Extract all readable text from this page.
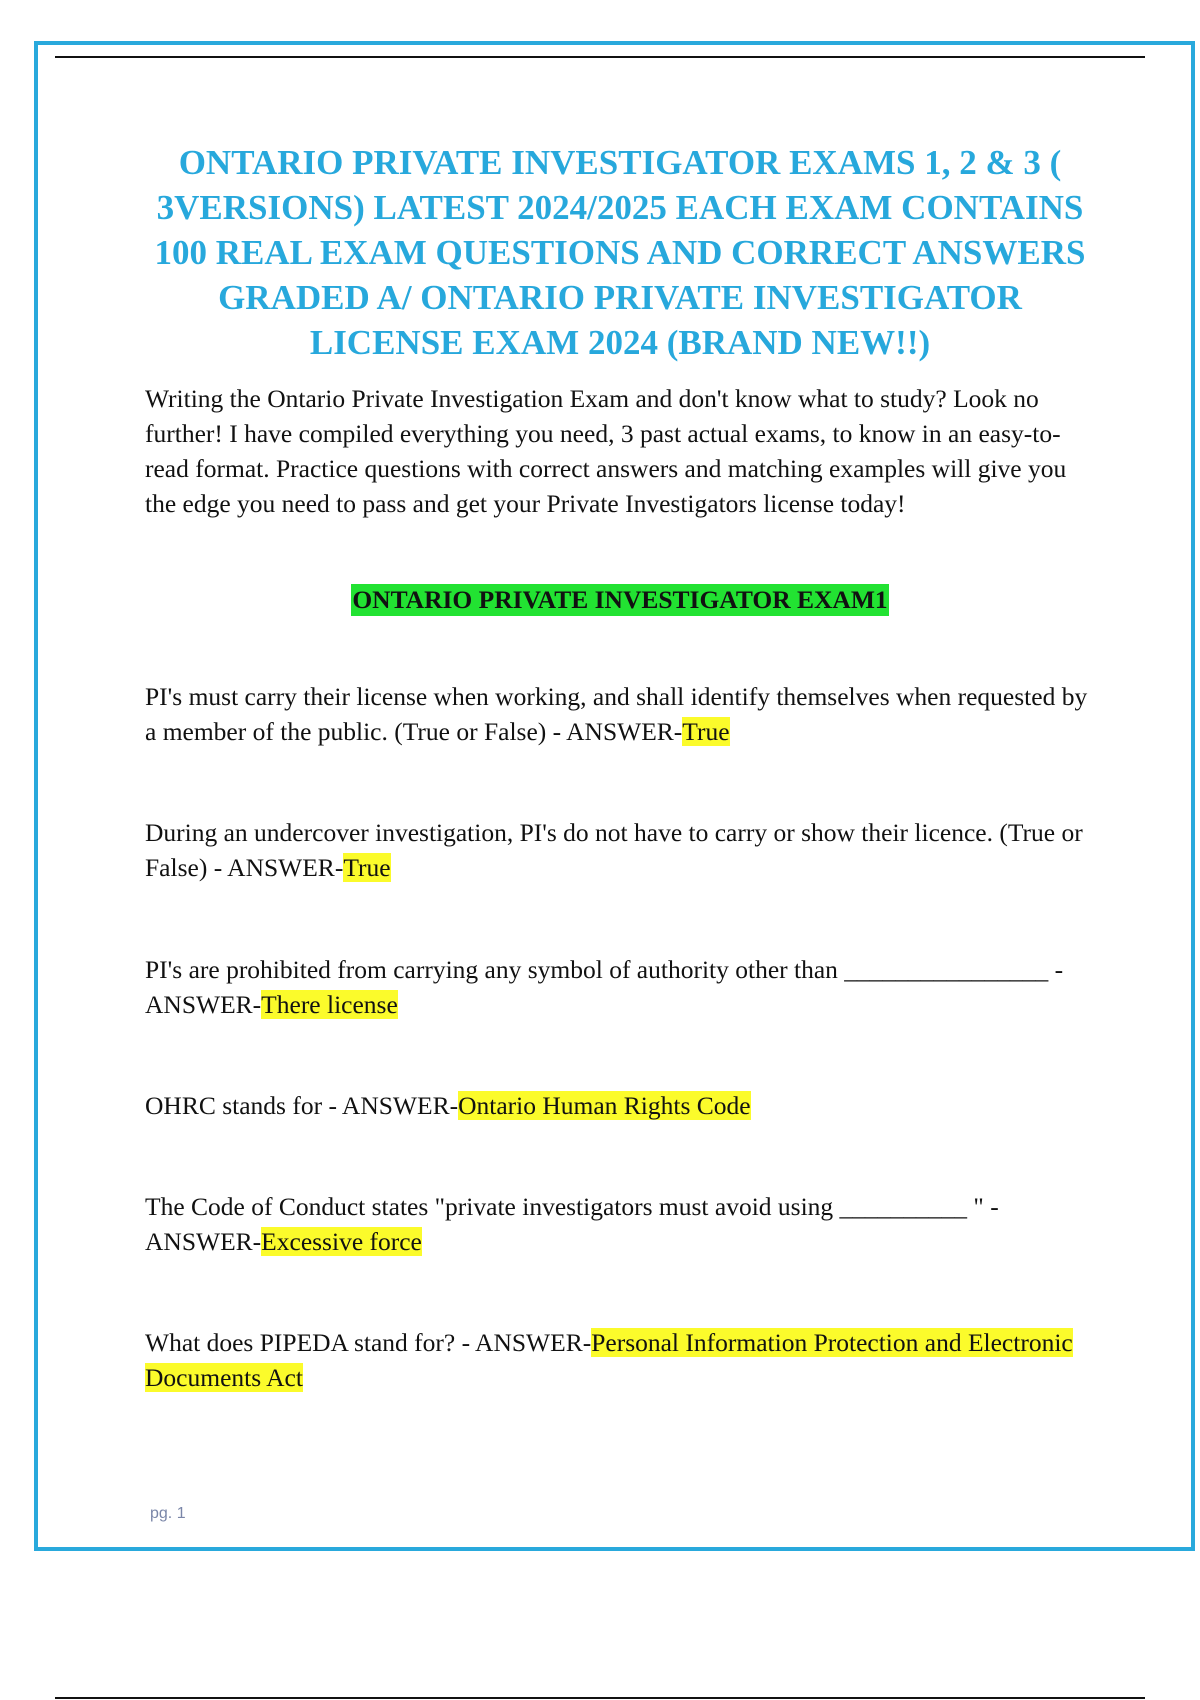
ONTARIO PRIVATE INVESTIGATOR EXAMS 1, 2 & 3 ( 3VERSIONS) LATEST 2024/2025 EACH EXAM CONTAINS 100 REAL EXAM QUESTIONS AND CORRECT ANSWERS GRADED A/ ONTARIO PRIVATE INVESTIGATOR LICENSE EXAM 2024 (BRAND NEW!!)

Writing the Ontario Private Investigation Exam and don't know what to study? Look no further! I have compiled everything you need, 3 past actual exams, to know in an easy-to-read format. Practice questions with correct answers and matching examples will give you the edge you need to pass and get your Private Investigators license today!

ONTARIO PRIVATE INVESTIGATOR EXAM1

PI's must carry their license when working, and shall identify themselves when requested by a member of the public. (True or False) - ANSWER-True

During an undercover investigation, PI's do not have to carry or show their licence. (True or False) - ANSWER-True

PI's are prohibited from carrying any symbol of authority other than ________________ - ANSWER-There license

OHRC stands for - ANSWER-Ontario Human Rights Code

The Code of Conduct states "private investigators must avoid using __________ " - ANSWER-Excessive force

What does PIPEDA stand for? - ANSWER-Personal Information Protection and Electronic Documents Act

pg. 1
